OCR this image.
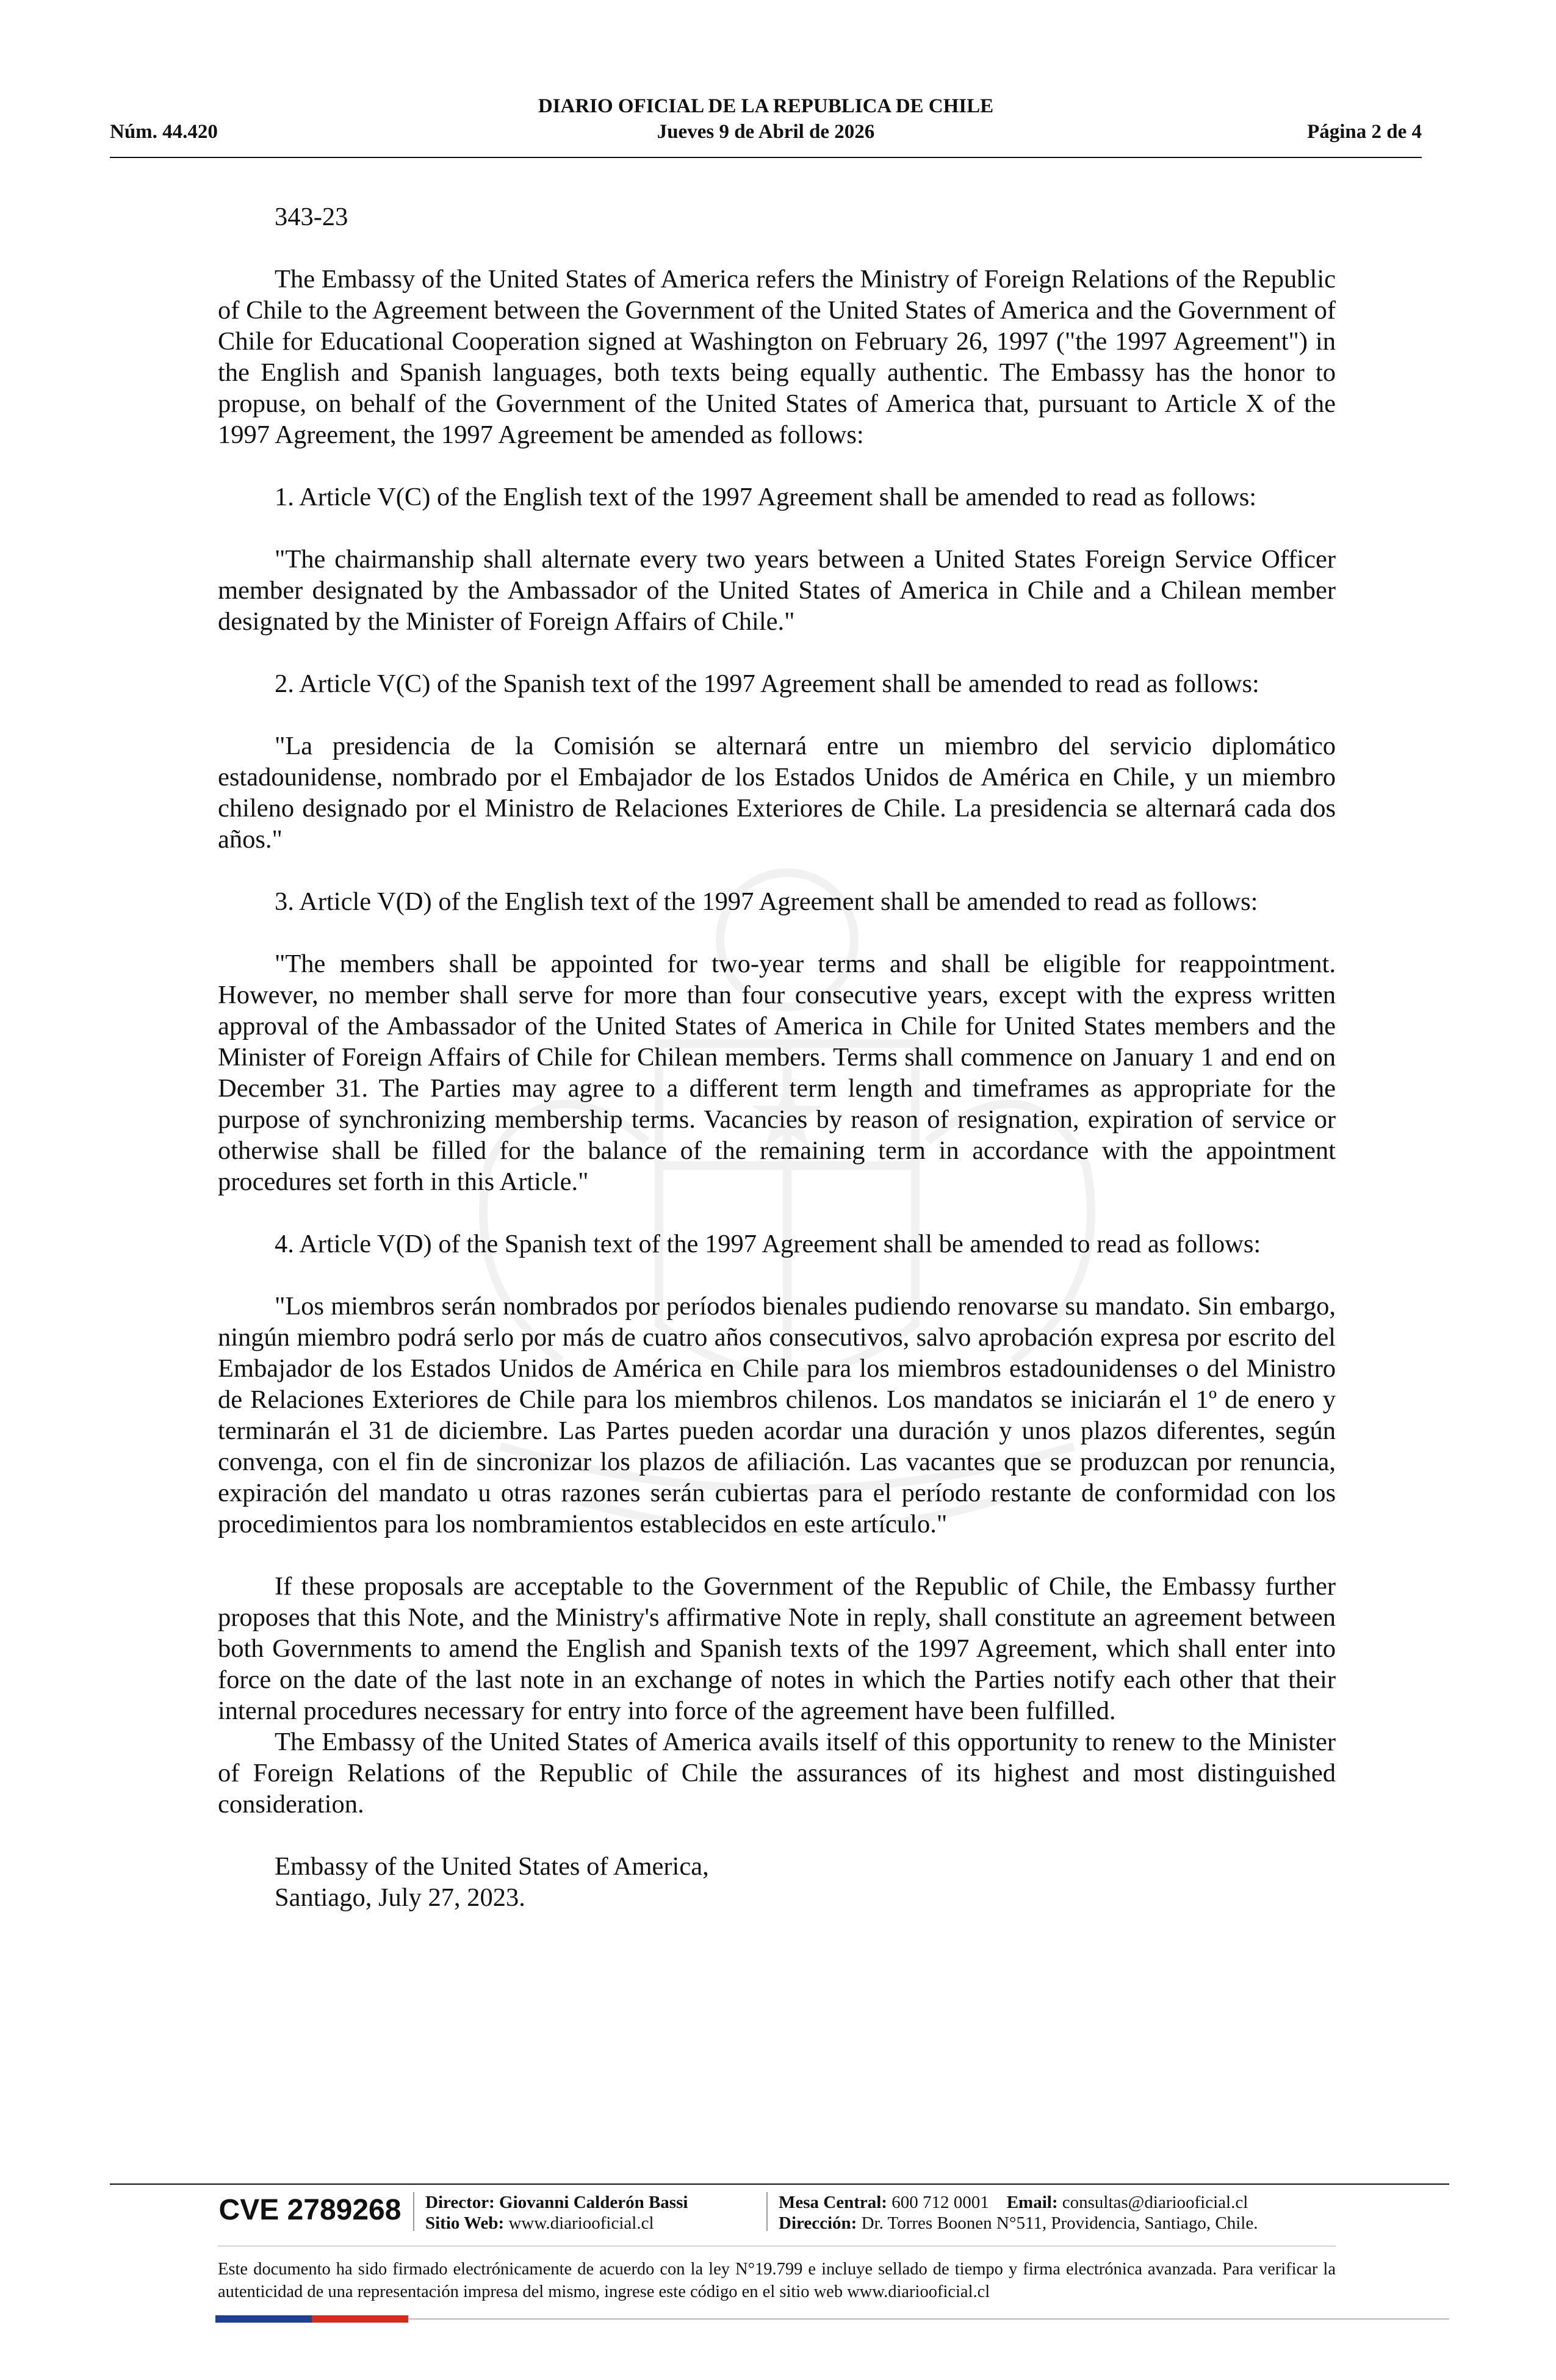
DIARIO OFICIAL DE LA REPUBLICA DE CHILE
Núm. 44.420	Jueves 9 de Abril de 2026	Página 2 de 4

343-23

The Embassy of the United States of America refers the Ministry of Foreign Relations of the Republic of Chile to the Agreement between the Government of the United States of America and the Government of Chile for Educational Cooperation signed at Washington on February 26, 1997 ("the 1997 Agreement") in the English and Spanish languages, both texts being equally authentic. The Embassy has the honor to propuse, on behalf of the Government of the United States of America that, pursuant to Article X of the 1997 Agreement, the 1997 Agreement be amended as follows:

1. Article V(C) of the English text of the 1997 Agreement shall be amended to read as follows:

"The chairmanship shall alternate every two years between a United States Foreign Service Officer member designated by the Ambassador of the United States of America in Chile and a Chilean member designated by the Minister of Foreign Affairs of Chile."

2. Article V(C) of the Spanish text of the 1997 Agreement shall be amended to read as follows:

"La presidencia de la Comisión se alternará entre un miembro del servicio diplomático estadounidense, nombrado por el Embajador de los Estados Unidos de América en Chile, y un miembro chileno designado por el Ministro de Relaciones Exteriores de Chile. La presidencia se alternará cada dos años."

3. Article V(D) of the English text of the 1997 Agreement shall be amended to read as follows:

"The members shall be appointed for two-year terms and shall be eligible for reappointment. However, no member shall serve for more than four consecutive years, except with the express written approval of the Ambassador of the United States of America in Chile for United States members and the Minister of Foreign Affairs of Chile for Chilean members. Terms shall commence on January 1 and end on December 31. The Parties may agree to a different term length and timeframes as appropriate for the purpose of synchronizing membership terms. Vacancies by reason of resignation, expiration of service or otherwise shall be filled for the balance of the remaining term in accordance with the appointment procedures set forth in this Article."

4. Article V(D) of the Spanish text of the 1997 Agreement shall be amended to read as follows:

"Los miembros serán nombrados por períodos bienales pudiendo renovarse su mandato. Sin embargo, ningún miembro podrá serlo por más de cuatro años consecutivos, salvo aprobación expresa por escrito del Embajador de los Estados Unidos de América en Chile para los miembros estadounidenses o del Ministro de Relaciones Exteriores de Chile para los miembros chilenos. Los mandatos se iniciarán el 1º de enero y terminarán el 31 de diciembre. Las Partes pueden acordar una duración y unos plazos diferentes, según convenga, con el fin de sincronizar los plazos de afiliación. Las vacantes que se produzcan por renuncia, expiración del mandato u otras razones serán cubiertas para el período restante de conformidad con los procedimientos para los nombramientos establecidos en este artículo."

If these proposals are acceptable to the Government of the Republic of Chile, the Embassy further proposes that this Note, and the Ministry's affirmative Note in reply, shall constitute an agreement between both Governments to amend the English and Spanish texts of the 1997 Agreement, which shall enter into force on the date of the last note in an exchange of notes in which the Parties notify each other that their internal procedures necessary for entry into force of the agreement have been fulfilled.

The Embassy of the United States of America avails itself of this opportunity to renew to the Minister of Foreign Relations of the Republic of Chile the assurances of its highest and most distinguished consideration.

Embassy of the United States of America,

Santiago, July 27, 2023.

CVE 2789268	Director: Giovanni Calderón Bassi
Sitio Web: www.diariooficial.cl
Mesa Central: 600 712 0001 Email: consultas@diariooficial.cl
Dirección: Dr. Torres Boonen N°511, Providencia, Santiago, Chile.
Este documento ha sido firmado electrónicamente de acuerdo con la ley N°19.799 e incluye sellado de tiempo y firma electrónica avanzada. Para verificar la autenticidad de una representación impresa del mismo, ingrese este código en el sitio web www.diariooficial.cl
